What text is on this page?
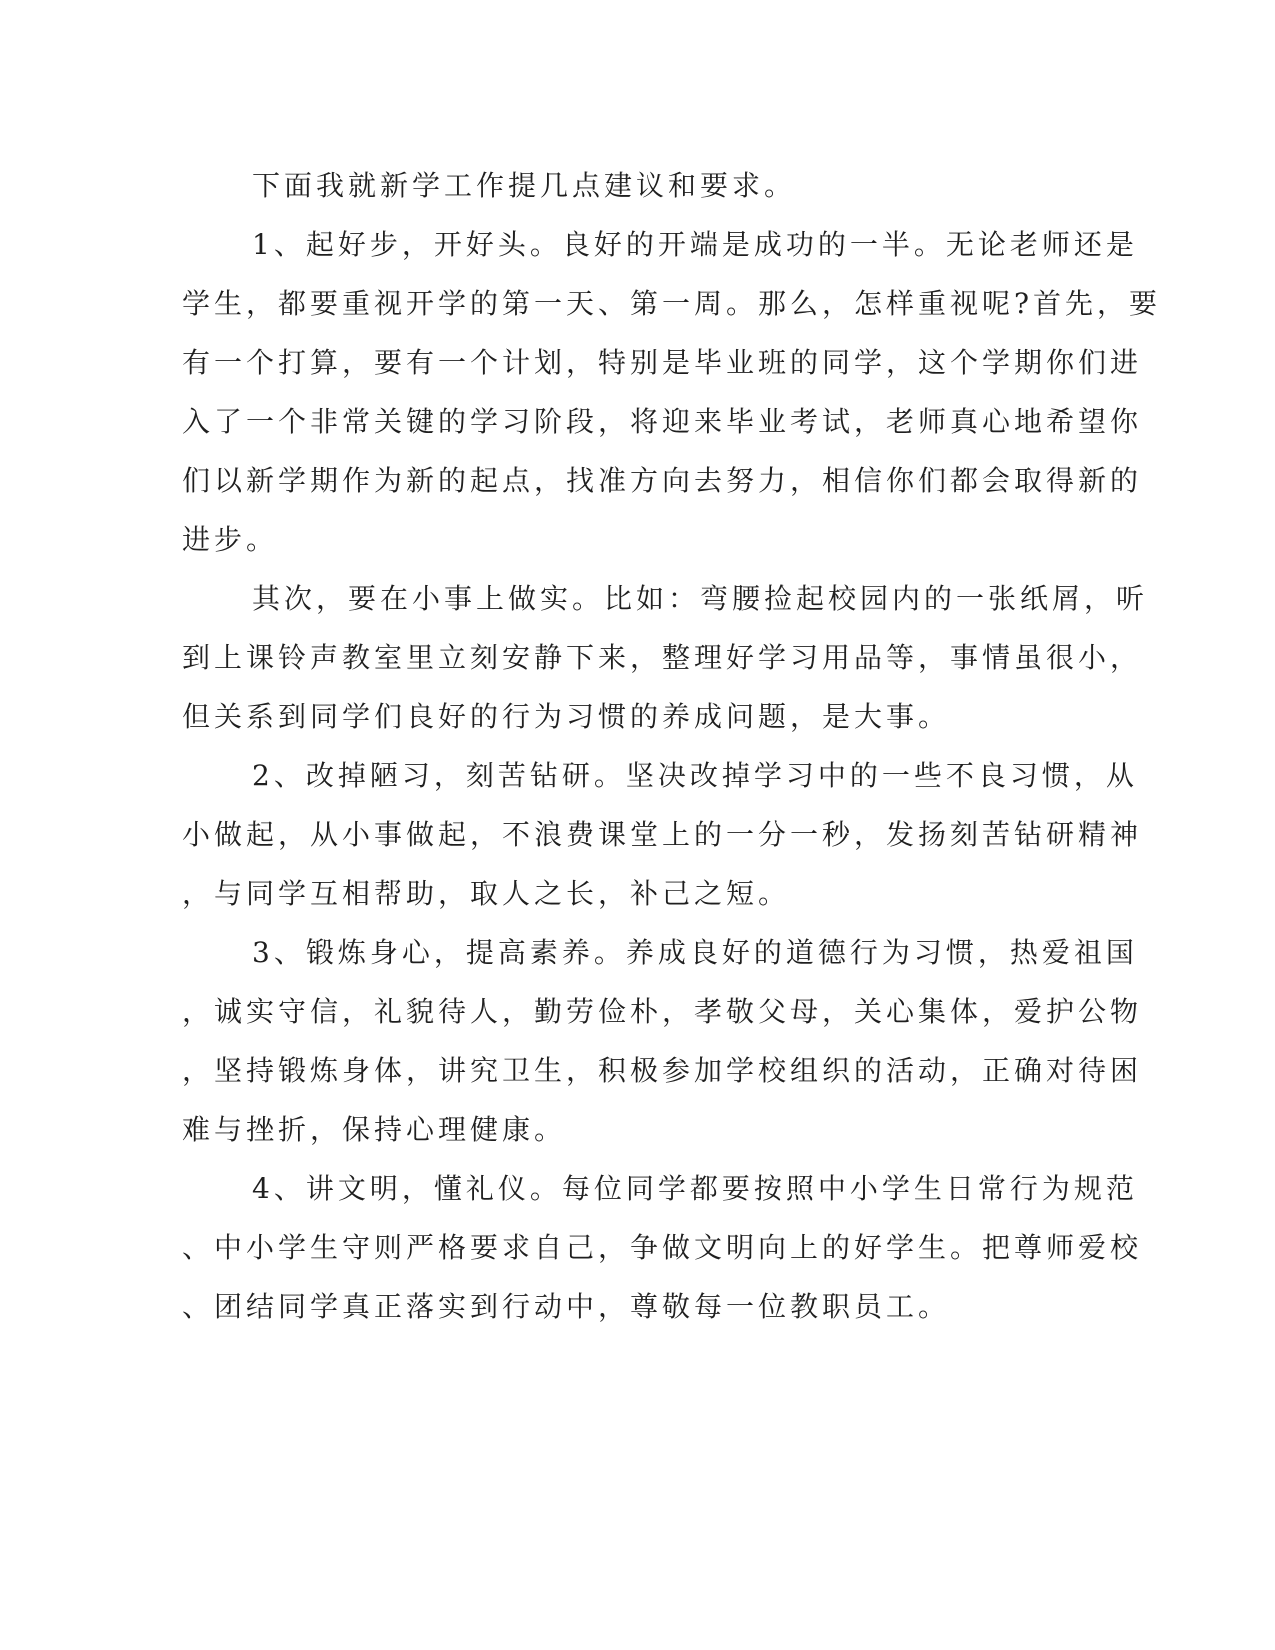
下面我就新学工作提几点建议和要求。
1、起好步，开好头。良好的开端是成功的一半。无论老师还是
学生，都要重视开学的第一天、第一周。那么，怎样重视呢?首先，要
有一个打算，要有一个计划，特别是毕业班的同学，这个学期你们进
入了一个非常关键的学习阶段，将迎来毕业考试，老师真心地希望你
们以新学期作为新的起点，找准方向去努力，相信你们都会取得新的
进步。
其次，要在小事上做实。比如：弯腰捡起校园内的一张纸屑，听
到上课铃声教室里立刻安静下来，整理好学习用品等，事情虽很小，
但关系到同学们良好的行为习惯的养成问题，是大事。
2、改掉陋习，刻苦钻研。坚决改掉学习中的一些不良习惯，从
小做起，从小事做起，不浪费课堂上的一分一秒，发扬刻苦钻研精神
，与同学互相帮助，取人之长，补己之短。
3、锻炼身心，提高素养。养成良好的道德行为习惯，热爱祖国
，诚实守信，礼貌待人，勤劳俭朴，孝敬父母，关心集体，爱护公物
，坚持锻炼身体，讲究卫生，积极参加学校组织的活动，正确对待困
难与挫折，保持心理健康。
4、讲文明，懂礼仪。每位同学都要按照中小学生日常行为规范
、中小学生守则严格要求自己，争做文明向上的好学生。把尊师爱校
、团结同学真正落实到行动中，尊敬每一位教职员工。
